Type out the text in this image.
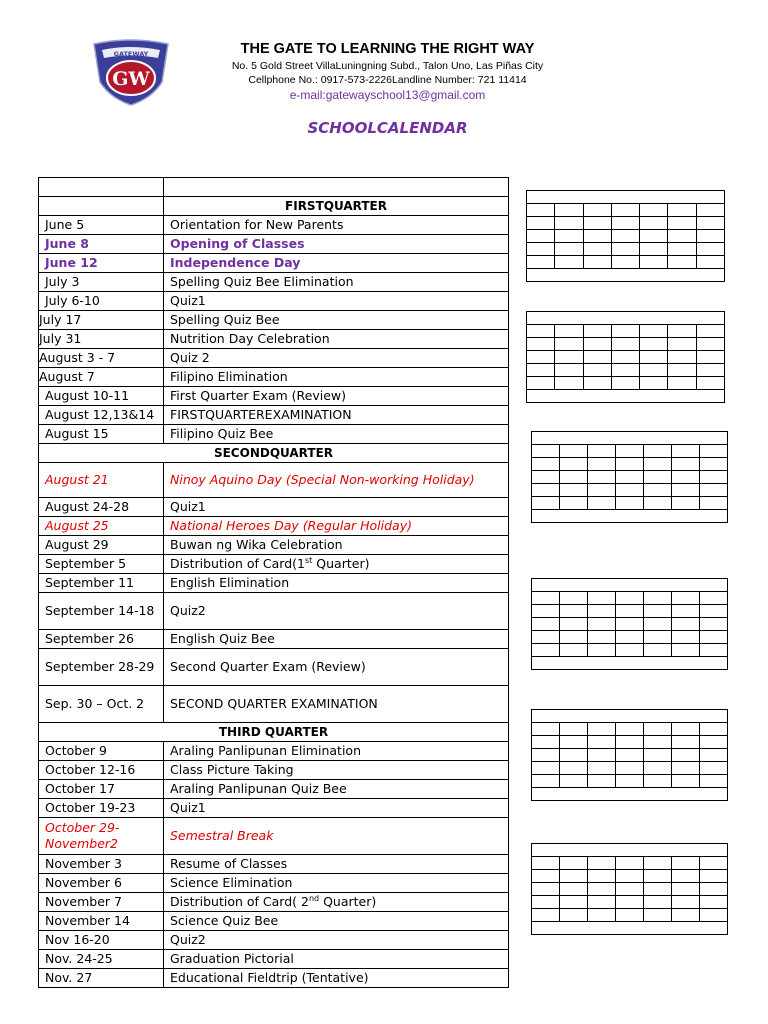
GATEWAY
GW
THE GATE TO LEARNING THE RIGHT WAY
No. 5 Gold Street VillaLuningning Subd., Talon Uno, Las Piñas City
Cellphone No.: 0917-573-2226Landline Number: 721 11414
e-mail:gatewayschool13@gmail.com
SCHOOLCALENDAR

	FIRSTQUARTER
June 5	Orientation for New Parents
June 8	Opening of Classes
June 12	Independence Day
July 3	Spelling Quiz Bee Elimination
July 6-10	Quiz1
July 17	Spelling Quiz Bee
July 31	Nutrition Day Celebration
August 3 - 7	Quiz 2
August 7	Filipino Elimination
August 10-11	First Quarter Exam (Review)
August 12,13&14	FIRSTQUARTEREXAMINATION
August 15	Filipino Quiz Bee
SECONDQUARTER	
August 21	Ninoy Aquino Day (Special Non-working Holiday)
August 24-28	Quiz1
August 25	National Heroes Day (Regular Holiday)
August 29	Buwan ng Wika Celebration
September 5	Distribution of Card(1st Quarter)
September 11	English Elimination
September 14-18	Quiz2
September 26	English Quiz Bee
September 28-29	Second Quarter Exam (Review)
Sep. 30 – Oct. 2	SECOND QUARTER EXAMINATION
THIRD QUARTER	
October 9	Araling Panlipunan Elimination
October 12-16	Class Picture Taking
October 17	Araling Panlipunan Quiz Bee
October 19-23	Quiz1
October 29-November2	Semestral Break
November 3	Resume of Classes
November 6	Science Elimination
November 7	Distribution of Card( 2nd Quarter)
November 14	Science Quiz Bee
Nov 16-20	Quiz2
Nov. 24-25	Graduation Pictorial
Nov. 27	Educational Fieldtrip (Tentative)
